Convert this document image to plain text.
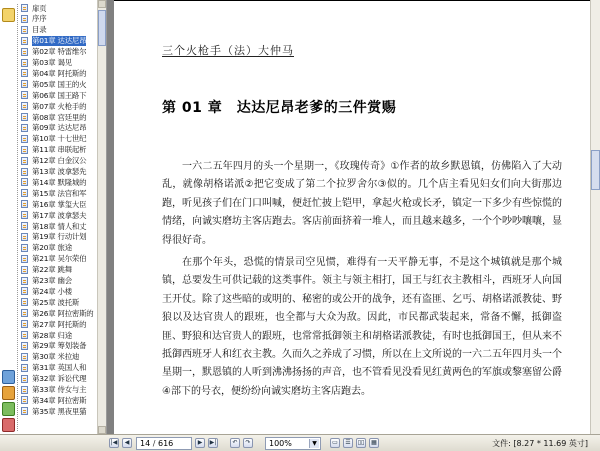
扉页
序序
目录
第01章 达达尼昂
第02章 特雷维尔
第03章 谒见
第04章 阿托斯的
第05章 国王的火
第06章 国王路下
第07章 火枪手的
第08章 宫廷里的
第09章 达达尼昂
第10章 十七世纪
第11章 串联起析
第12章 白金汉公
第13章 波拿瑟先
第14章 默隆城的
第15章 法官和军
第16章 掌玺大臣
第17章 波拿瑟夫
第18章 情人和丈
第19章 行动计划
第20章 旅途
第21章 吴尔荣伯
第22章 跳舞
第23章 幽会
第24章 小楼
第25章 波托斯
第26章 阿拉密斯的
第27章 阿托斯的
第28章 归途
第29章 筹划装备
第30章 米拉迪
第31章 英国人和
第32章 诉讼代理
第33章 侍女与主
第34章 阿拉密斯
第35章 黑夜里猫
三个火枪手（法）大仲马
第 01 章　达达尼昂老爹的三件赏赐

一六二五年四月的头一个星期一，《玫瑰传奇》①作者的故乡默恩镇，仿佛陷入了大动乱，就像胡格诺派②把它变成了第二个拉罗舍尔③似的。几个店主看见妇女们向大街那边跑，听见孩子们在门口叫喊，便赶忙披上铠甲，拿起火枪或长矛，镇定一下多少有些惊慌的情绪，向诚实磨坊主客店跑去。客店前面挤着一堆人，而且越来越多，一个个吵吵嚷嚷，显得很好奇。

在那个年头，恐慌的情景司空见惯，难得有一天平静无事，不是这个城镇就是那个城镇，总要发生可供记载的这类事件。领主与领主相打，国王与红衣主教相斗，西班牙人向国王开仗。除了这些暗的或明的、秘密的或公开的战争，还有盗匪、乞丐、胡格诺派教徒、野狼以及达官贵人的跟班，也全都与大众为敌。因此，市民都武装起来，常备不懈，抵御盗匪、野狼和达官贵人的跟班，也常常抵御领主和胡格诺派教徒，有时也抵御国王，但从来不抵御西班牙人和红衣主教。久而久之养成了习惯，所以在上文所说的一六二五年四月头一个星期一，默恩镇的人听到沸沸扬扬的声音，也不管看见没看见红黄两色的军旗或黎塞留公爵④部下的号衣，便纷纷向诚实磨坊主客店跑去。

|◀	◀	14 / 616	▶	▶|	↶	↷	100%	▼	▭	☰	▯▯	▦	文件: [8.27 * 11.69 英寸]
